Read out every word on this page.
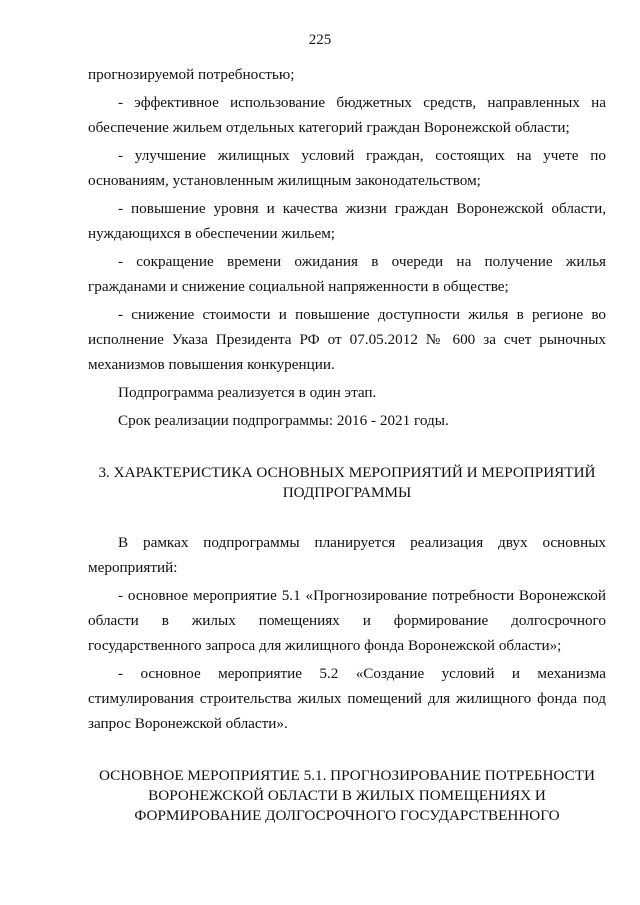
225

прогнозируемой потребностью;

- эффективное использование бюджетных средств, направленных на обеспечение жильем отдельных категорий граждан Воронежской области;

- улучшение жилищных условий граждан, состоящих на учете по основаниям, установленным жилищным законодательством;

- повышение уровня и качества жизни граждан Воронежской области, нуждающихся в обеспечении жильем;

- сокращение времени ожидания в очереди на получение жилья гражданами и снижение социальной напряженности в обществе;

- снижение стоимости и повышение доступности жилья в регионе во исполнение Указа Президента РФ от 07.05.2012 № 600 за счет рыночных механизмов повышения конкуренции.

Подпрограмма реализуется в один этап.

Срок реализации подпрограммы: 2016 - 2021 годы.

3. ХАРАКТЕРИСТИКА ОСНОВНЫХ МЕРОПРИЯТИЙ И МЕРОПРИЯТИЙ
ПОДПРОГРАММЫ

В рамках подпрограммы планируется реализация двух основных мероприятий:

- основное мероприятие 5.1 «Прогнозирование потребности Воронежской области в жилых помещениях и формирование долгосрочного государственного запроса для жилищного фонда Воронежской области»;

- основное мероприятие 5.2 «Создание условий и механизма стимулирования строительства жилых помещений для жилищного фонда под запрос Воронежской области».

ОСНОВНОЕ МЕРОПРИЯТИЕ 5.1. ПРОГНОЗИРОВАНИЕ ПОТРЕБНОСТИ
ВОРОНЕЖСКОЙ ОБЛАСТИ В ЖИЛЫХ ПОМЕЩЕНИЯХ И
ФОРМИРОВАНИЕ ДОЛГОСРОЧНОГО ГОСУДАРСТВЕННОГО
